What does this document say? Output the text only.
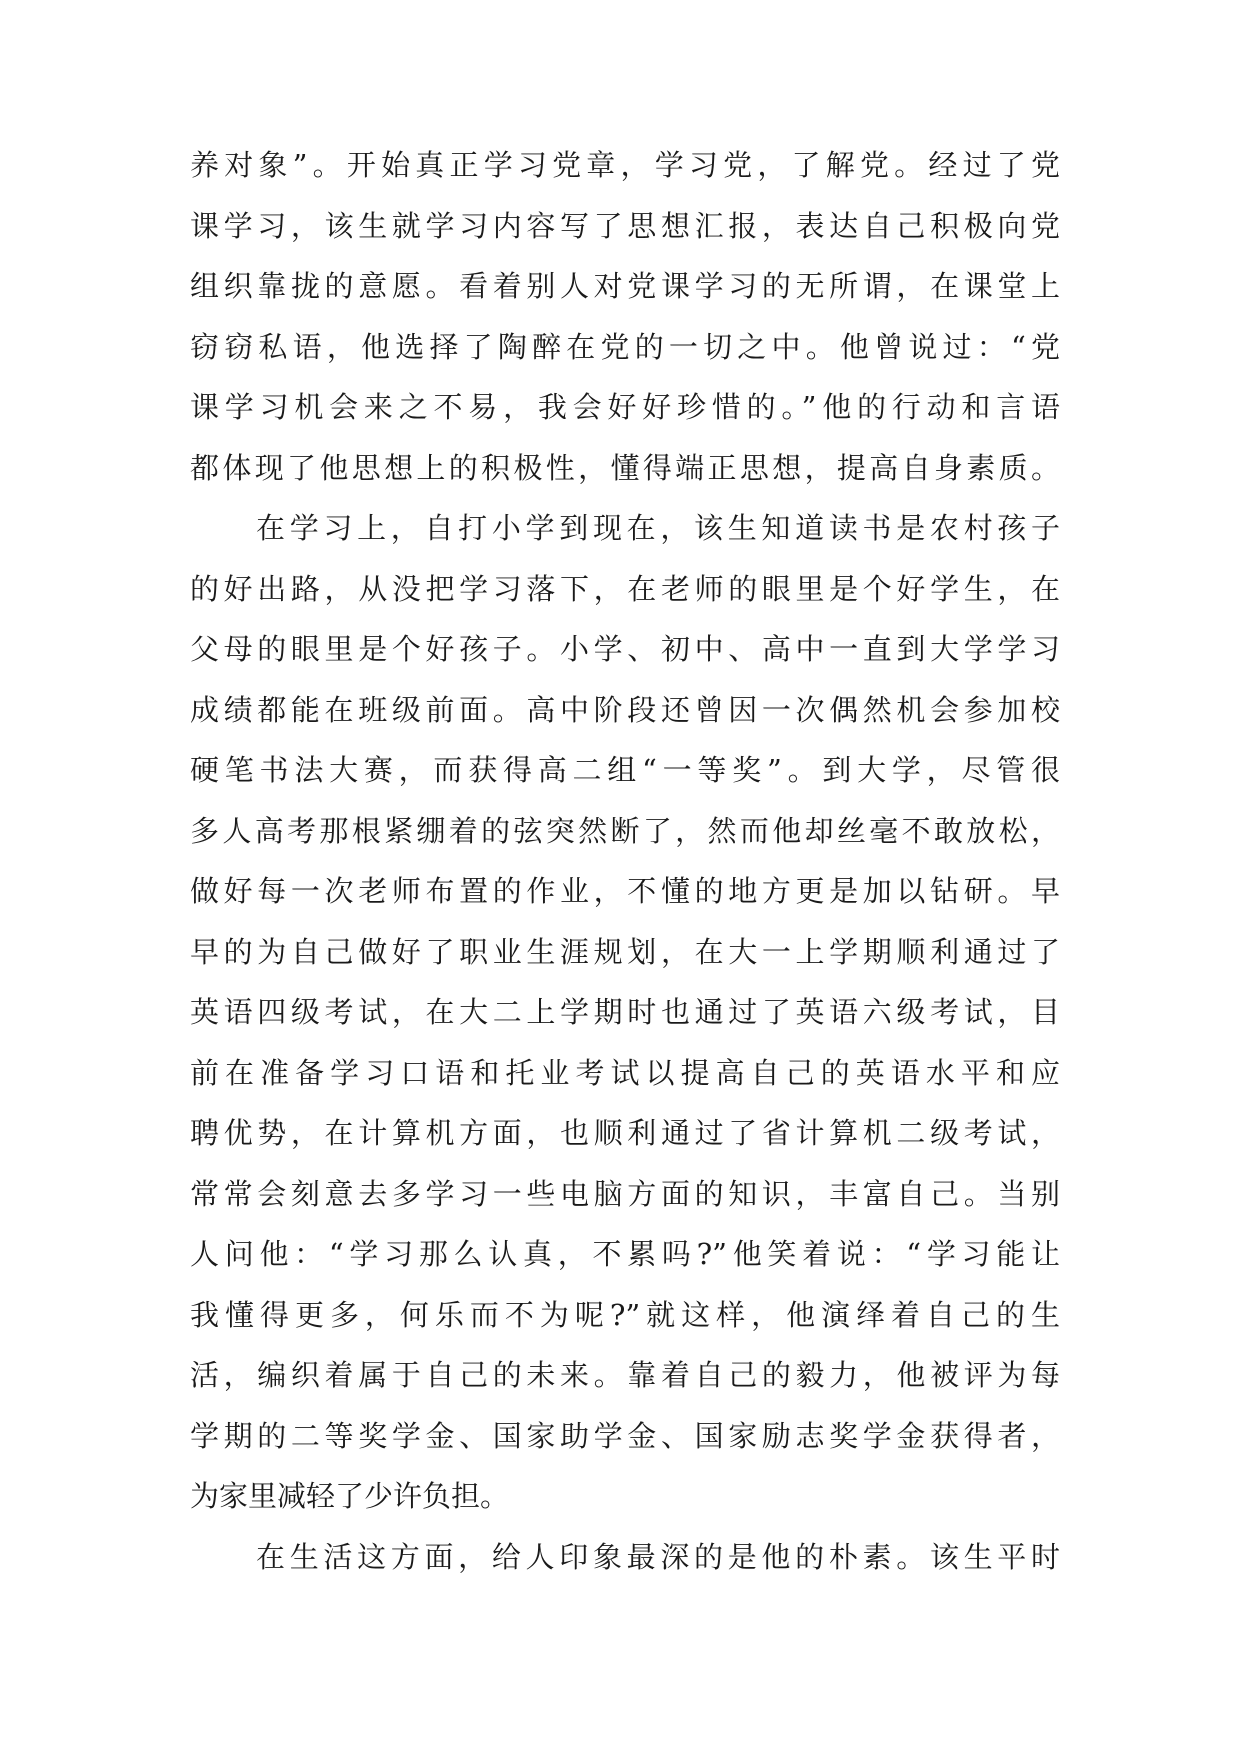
养对象”。开始真正学习党章，学习党，了解党。经过了党
课学习，该生就学习内容写了思想汇报，表达自己积极向党
组织靠拢的意愿。看着别人对党课学习的无所谓，在课堂上
窃窃私语，他选择了陶醉在党的一切之中。他曾说过：“党
课学习机会来之不易，我会好好珍惜的。”他的行动和言语
都体现了他思想上的积极性，懂得端正思想，提高自身素质。
在学习上，自打小学到现在，该生知道读书是农村孩子
的好出路，从没把学习落下，在老师的眼里是个好学生，在
父母的眼里是个好孩子。小学、初中、高中一直到大学学习
成绩都能在班级前面。高中阶段还曾因一次偶然机会参加校
硬笔书法大赛，而获得高二组“一等奖”。到大学，尽管很
多人高考那根紧绷着的弦突然断了，然而他却丝毫不敢放松，
做好每一次老师布置的作业，不懂的地方更是加以钻研。早
早的为自己做好了职业生涯规划，在大一上学期顺利通过了
英语四级考试，在大二上学期时也通过了英语六级考试，目
前在准备学习口语和托业考试以提高自己的英语水平和应
聘优势，在计算机方面，也顺利通过了省计算机二级考试，
常常会刻意去多学习一些电脑方面的知识，丰富自己。当别
人问他：“学习那么认真，不累吗?”他笑着说：“学习能让
我懂得更多，何乐而不为呢?”就这样，他演绎着自己的生
活，编织着属于自己的未来。靠着自己的毅力，他被评为每
学期的二等奖学金、国家助学金、国家励志奖学金获得者，
为家里减轻了少许负担。
在生活这方面，给人印象最深的是他的朴素。该生平时
